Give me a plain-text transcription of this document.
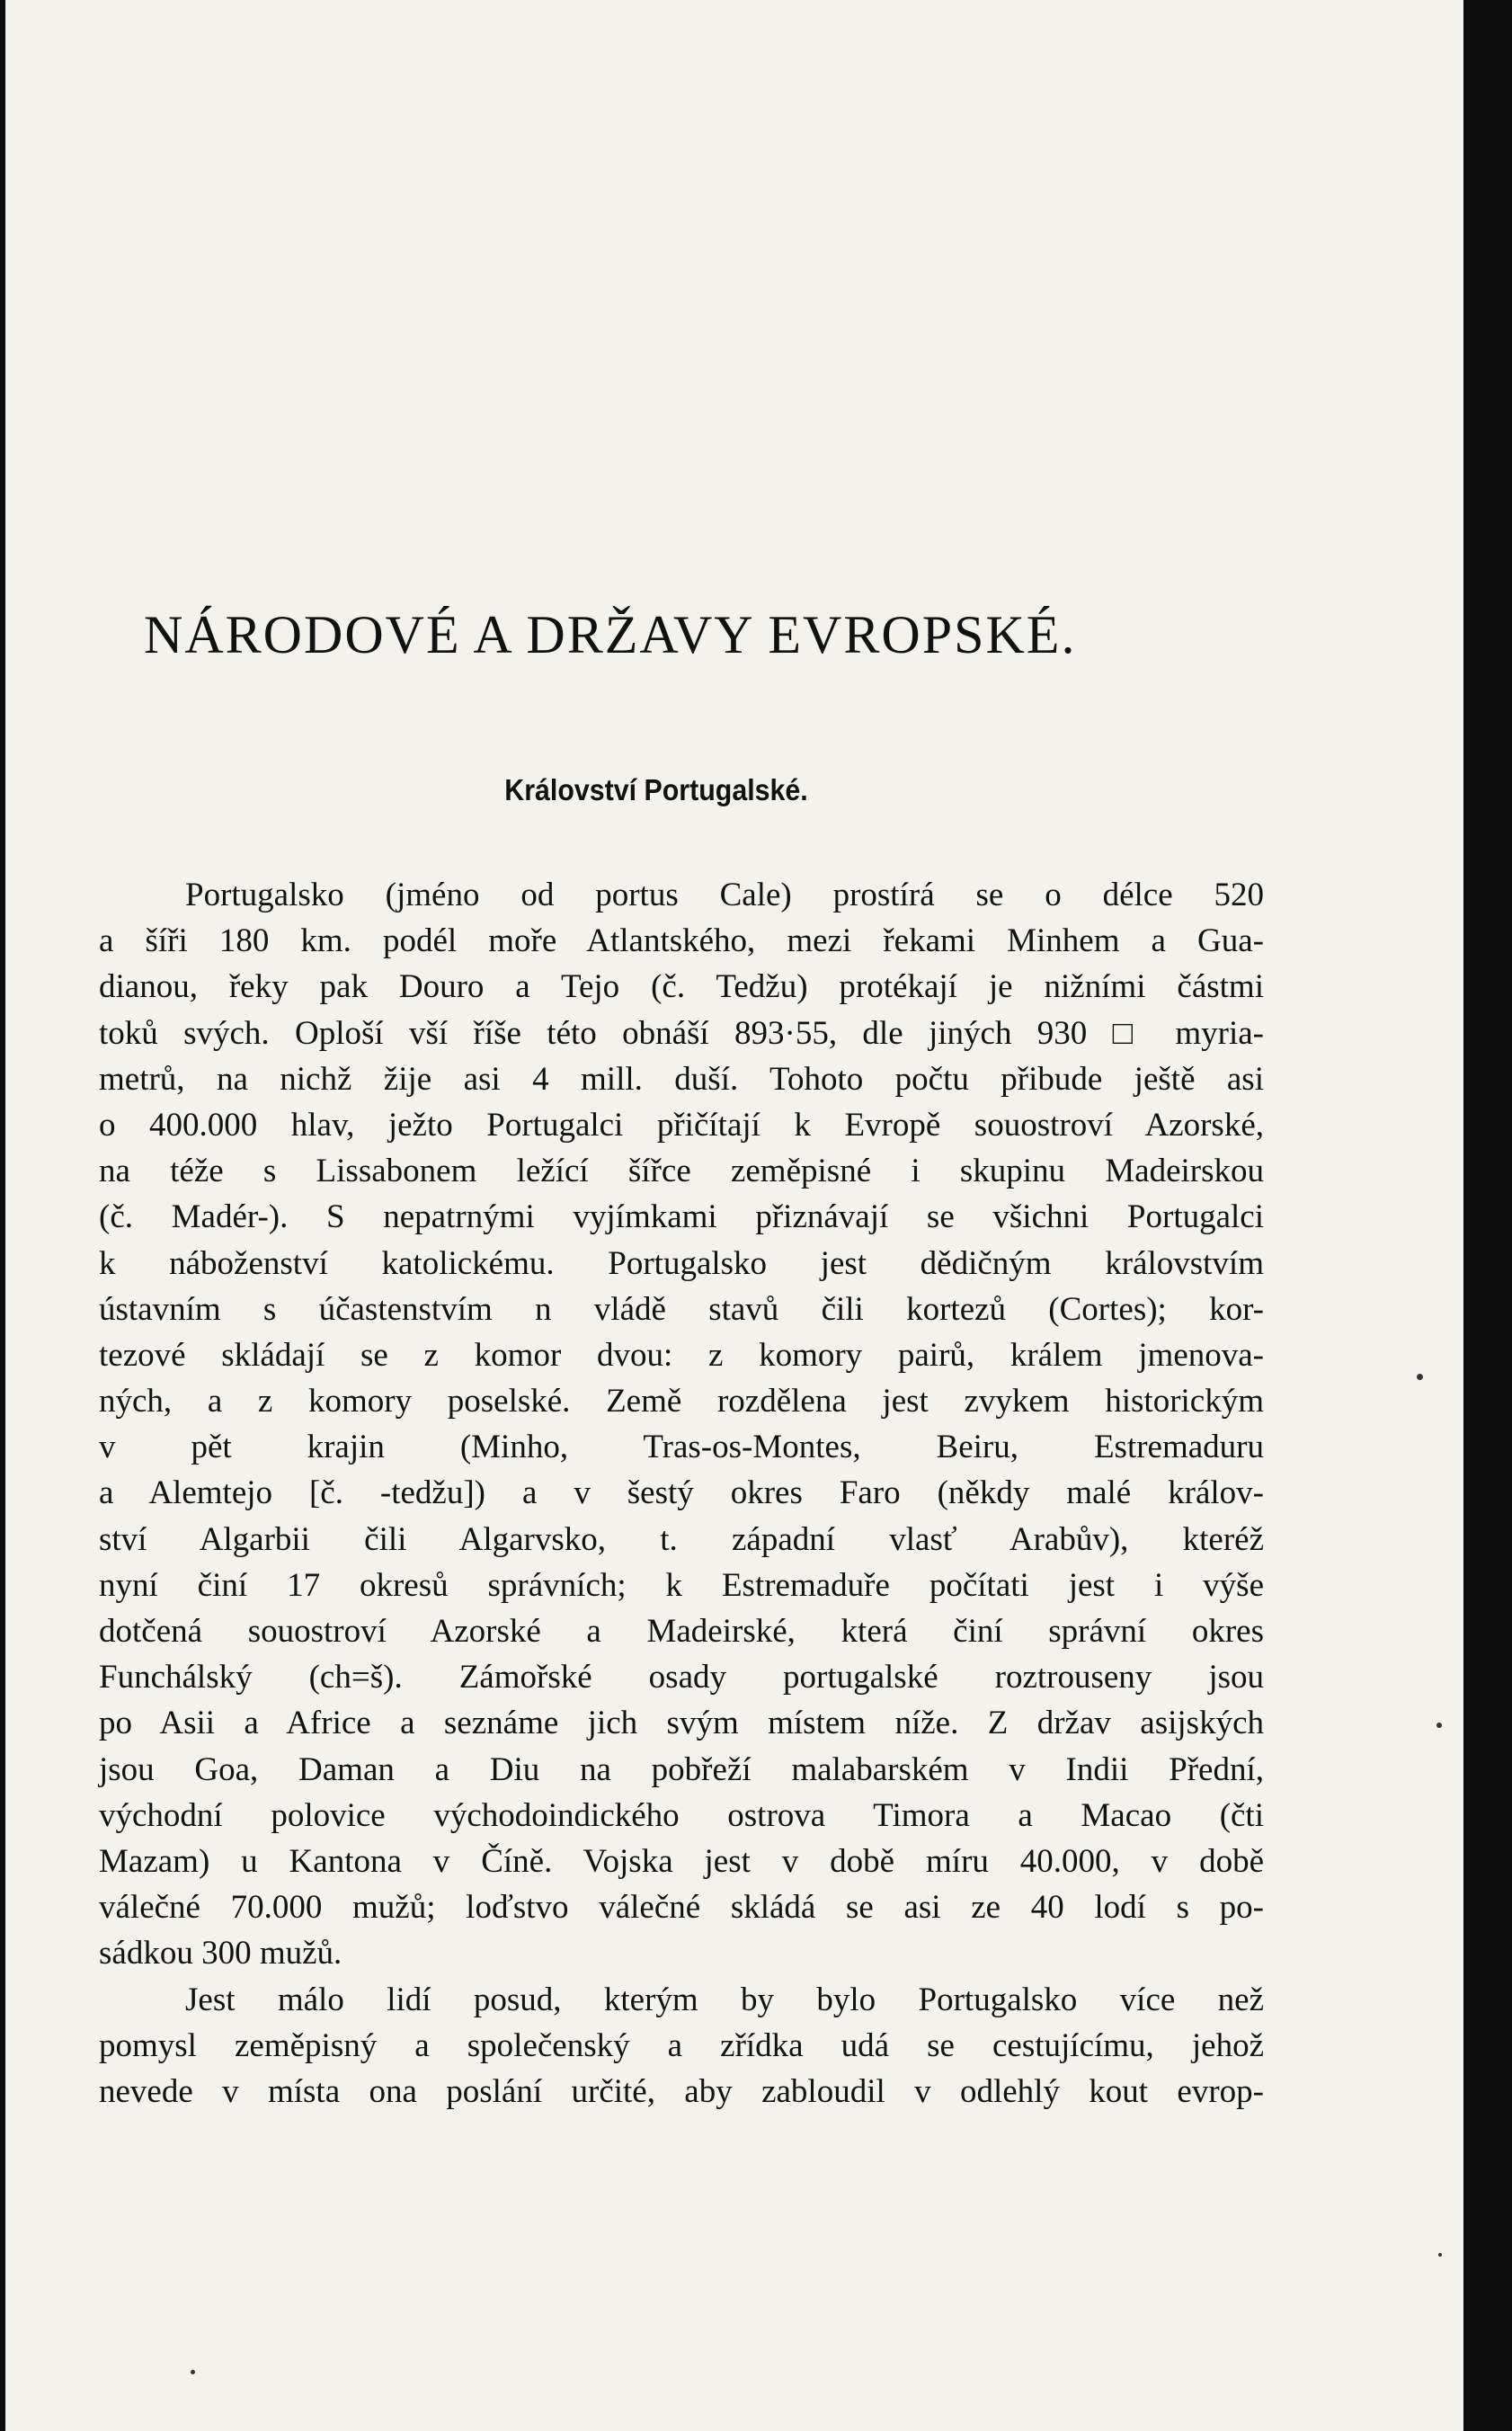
NÁRODOVÉ A DRŽAVY EVROPSKÉ.
Království Portugalské.
Portugalsko (jméno od portus Cale) prostírá se o délce 520
a šíři 180 km. podél moře Atlantského, mezi řekami Minhem a Gua-
dianou, řeky pak Douro a Tejo (č. Tedžu) protékají je nižními částmi
toků svých. Oploší vší říše této obnáší 893·55, dle jiných 930 □ myria-
metrů, na nichž žije asi 4 mill. duší. Tohoto počtu přibude ještě asi
o 400.000 hlav, ježto Portugalci přičítají k Evropě souostroví Azorské,
na téže s Lissabonem ležící šířce zeměpisné i skupinu Madeirskou
(č. Madér-). S nepatrnými vyjímkami přiznávají se všichni Portugalci
k náboženství katolickému. Portugalsko jest dědičným královstvím
ústavním s účastenstvím n vládě stavů čili kortezů (Cortes); kor-
tezové skládají se z komor dvou: z komory pairů, králem jmenova-
ných, a z komory poselské. Země rozdělena jest zvykem historickým
v pět krajin (Minho, Tras-os-Montes, Beiru, Estremaduru
a Alemtejo [č. -tedžu]) a v šestý okres Faro (někdy malé králov-
ství Algarbii čili Algarvsko, t. západní vlasť Arabův), kteréž
nyní činí 17 okresů správních; k Estremaduře počítati jest i výše
dotčená souostroví Azorské a Madeirské, která činí správní okres
Funchálský (ch=š). Zámořské osady portugalské roztrouseny jsou
po Asii a Africe a seznáme jich svým místem níže. Z držav asijských
jsou Goa, Daman a Diu na pobřeží malabarském v Indii Přední,
východní polovice východoindického ostrova Timora a Macao (čti
Mazam) u Kantona v Číně. Vojska jest v době míru 40.000, v době
válečné 70.000 mužů; loďstvo válečné skládá se asi ze 40 lodí s po-
sádkou 300 mužů.
Jest málo lidí posud, kterým by bylo Portugalsko více než
pomysl zeměpisný a společenský a zřídka udá se cestujícímu, jehož
nevede v místa ona poslání určité, aby zabloudil v odlehlý kout evrop-
